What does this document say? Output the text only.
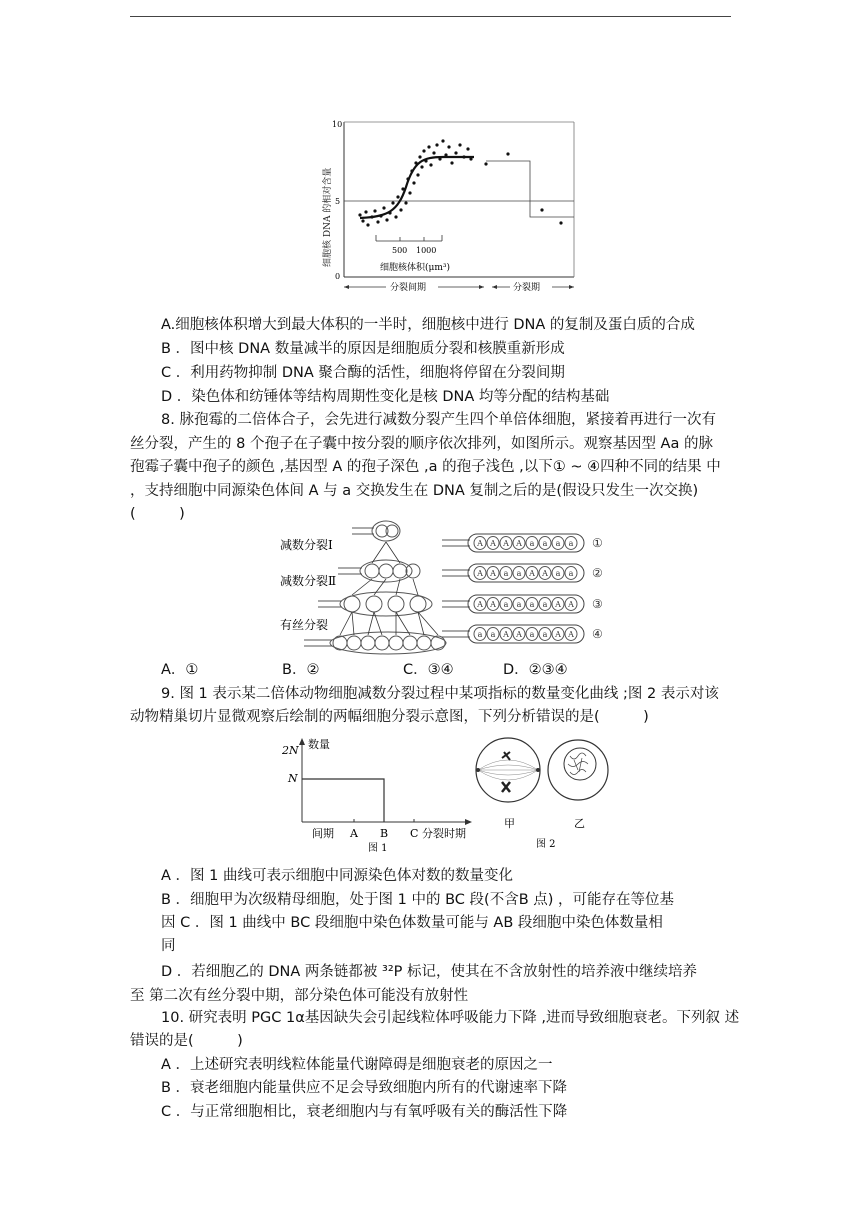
细胞核 DNA 的相对含量
10
5
0
500 1000
细胞核体积(μm³)
分裂间期	分裂期
A.细胞核体积增大到最大体积的一半时，细胞核中进行 DNA 的复制及蛋白质的合成
B ．图中核 DNA 数量减半的原因是细胞质分裂和核膜重新形成
C ．利用药物抑制 DNA 聚合酶的活性，细胞将停留在分裂间期
D ．染色体和纺锤体等结构周期性变化是核 DNA 均等分配的结构基础
8. 脉孢霉的二倍体合子，会先进行减数分裂产生四个单倍体细胞，紧接着再进行一次有
丝分裂，产生的 8 个孢子在子囊中按分裂的顺序依次排列，如图所示。观察基因型 Aa 的脉
孢霉子囊中孢子的颜色 ,基因型 A 的孢子深色 ,a 的孢子浅色 ,以下① ~ ④四种不同的结果 中
，支持细胞中同源染色体间 A 与 a 交换发生在 DNA 复制之后的是(假设只发生一次交换)
(　　　)
减数分裂Ⅰ
减数分裂Ⅱ
有丝分裂
A A A A a a a a ①
A A a a A A a a ②
A A a a a a A A ③
a a A A a a A A ④
A．①	B．②	C．③④	D．②③④
9. 图 1 表示某二倍体动物细胞减数分裂过程中某项指标的数量变化曲线 ;图 2 表示对该
动物精巢切片显微观察后绘制的两幅细胞分裂示意图，下列分析错误的是(　　　)
数量
2N
N
间期 A B C 分裂时期
图 1
甲	乙
图 2
A ．图 1 曲线可表示细胞中同源染色体对数的数量变化
B ．细胞甲为次级精母细胞，处于图 1 中的 BC 段(不含B 点) ，可能存在等位基
因 C ．图 1 曲线中 BC 段细胞中染色体数量可能与 AB 段细胞中染色体数量相
同
D ．若细胞乙的 DNA 两条链都被 ³²P 标记，使其在不含放射性的培养液中继续培养
至 第二次有丝分裂中期，部分染色体可能没有放射性
10. 研究表明 PGC 1α基因缺失会引起线粒体呼吸能力下降 ,进而导致细胞衰老。下列叙 述
错误的是(　　　)
A ．上述研究表明线粒体能量代谢障碍是细胞衰老的原因之一
B ．衰老细胞内能量供应不足会导致细胞内所有的代谢速率下降
C ．与正常细胞相比，衰老细胞内与有氧呼吸有关的酶活性下降
